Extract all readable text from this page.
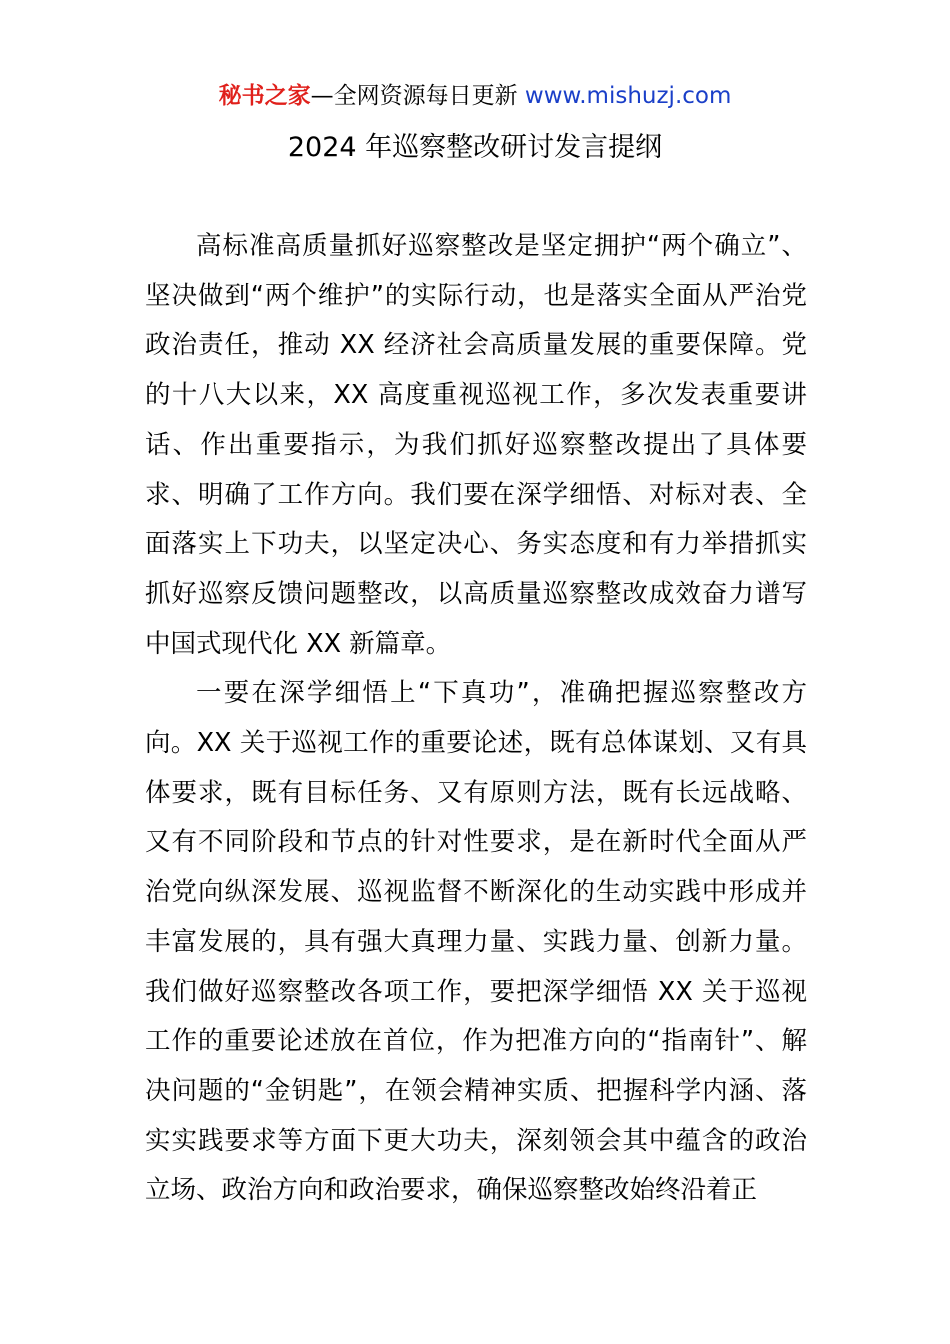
秘书之家—全网资源每日更新 www.mishuzj.com
2024 年巡察整改研讨发言提纲

高标准高质量抓好巡察整改是坚定拥护“两个确立”、坚决做到“两个维护”的实际行动，也是落实全面从严治党政治责任，推动 XX 经济社会高质量发展的重要保障。党的十八大以来，XX 高度重视巡视工作，多次发表重要讲话、作出重要指示，为我们抓好巡察整改提出了具体要求、明确了工作方向。我们要在深学细悟、对标对表、全面落实上下功夫，以坚定决心、务实态度和有力举措抓实抓好巡察反馈问题整改，以高质量巡察整改成效奋力谱写中国式现代化 XX 新篇章。

一要在深学细悟上“下真功”，准确把握巡察整改方向。XX 关于巡视工作的重要论述，既有总体谋划、又有具体要求，既有目标任务、又有原则方法，既有长远战略、又有不同阶段和节点的针对性要求，是在新时代全面从严治党向纵深发展、巡视监督不断深化的生动实践中形成并丰富发展的，具有强大真理力量、实践力量、创新力量。我们做好巡察整改各项工作，要把深学细悟 XX 关于巡视工作的重要论述放在首位，作为把准方向的“指南针”、解决问题的“金钥匙”，在领会精神实质、把握科学内涵、落实实践要求等方面下更大功夫，深刻领会其中蕴含的政治立场、政治方向和政治要求，确保巡察整改始终沿着正
